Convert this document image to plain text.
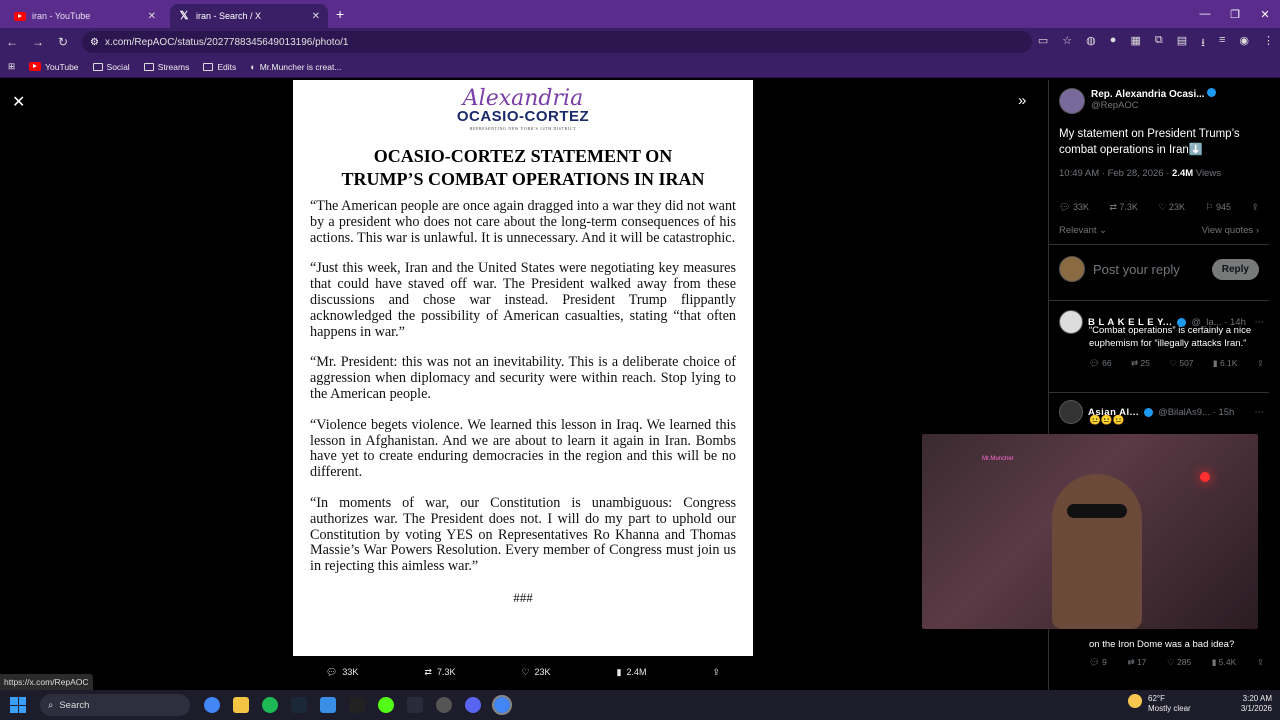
iran - YouTube	✕ 𝕏 iran - Search / X	✕ +	—	❐	✕
← → ↻ ⚙ x.com/RepAOC/status/2027788345649013196/photo/1	▭ ☆ ◍ ● ▦ ⧉ ▤ ⭳ ≡ ◉ ⋮
⊞	YouTube	Social	Streams	Edits ◐ Mr.Muncher is creat...
✕	»
Alexandria
OCASIO-CORTEZ
REPRESENTING NEW YORK'S 14TH DISTRICT
OCASIO-CORTEZ STATEMENT ON
TRUMP’S COMBAT OPERATIONS IN IRAN

“The American people are once again dragged into a war they did not want by a president who does not care about the long-term consequences of his actions. This war is unlawful. It is unnecessary. And it will be catastrophic.

“Just this week, Iran and the United States were negotiating key measures that could have staved off war. The President walked away from these discussions and chose war instead. President Trump flippantly acknowledged the possibility of American casualties, stating “that often happens in war.”

“Mr. President: this was not an inevitability. This is a deliberate choice of aggression when diplomacy and security were within reach. Stop lying to the American people.

“Violence begets violence. We learned this lesson in Iraq. We learned this lesson in Afghanistan. And we are about to learn it again in Iran. Bombs have yet to create enduring democracies in the region and this will be no different.

“In moments of war, our Constitution is unambiguous: Congress authorizes war. The President does not. I will do my part to uphold our Constitution by voting YES on Representatives Ro Khanna and Thomas Massie’s War Powers Resolution. Every member of Congress must join us in rejecting this aimless war.”

###
💬︎ 33K	⇄ 7.3K	♡ 23K	▮ 2.4M	⇪
Rep. Alexandria Ocasi...
@RepAOC
My statement on President Trump’s combat operations in Iran⬇️
10:49 AM · Feb 28, 2026 · 2.4M Views
💬︎ 33K ⇄ 7.3K ♡ 23K ⚐ 945 ⇪
Relevant ⌄	View quotes ›
Post your reply	Reply
B L A K E L E Y... @_la... · 14h ⋯
“Combat operations” is certainly a nice euphemism for “illegally attacks Iran.”
💬︎ 66 ⇄ 25 ♡ 507 ▮ 6.1K ⇪
Asian Al... @BilalAs9... · 15h ⋯
😐😐😐
on the Iron Dome was a bad idea?
💬︎ 9 ⇄ 17 ♡ 285 ▮ 5.4K ⇪
Mr.Muncher
https://x.com/RepAOC
⌕ Search
62°F
Mostly clear
3:20 AM
3/1/2026
